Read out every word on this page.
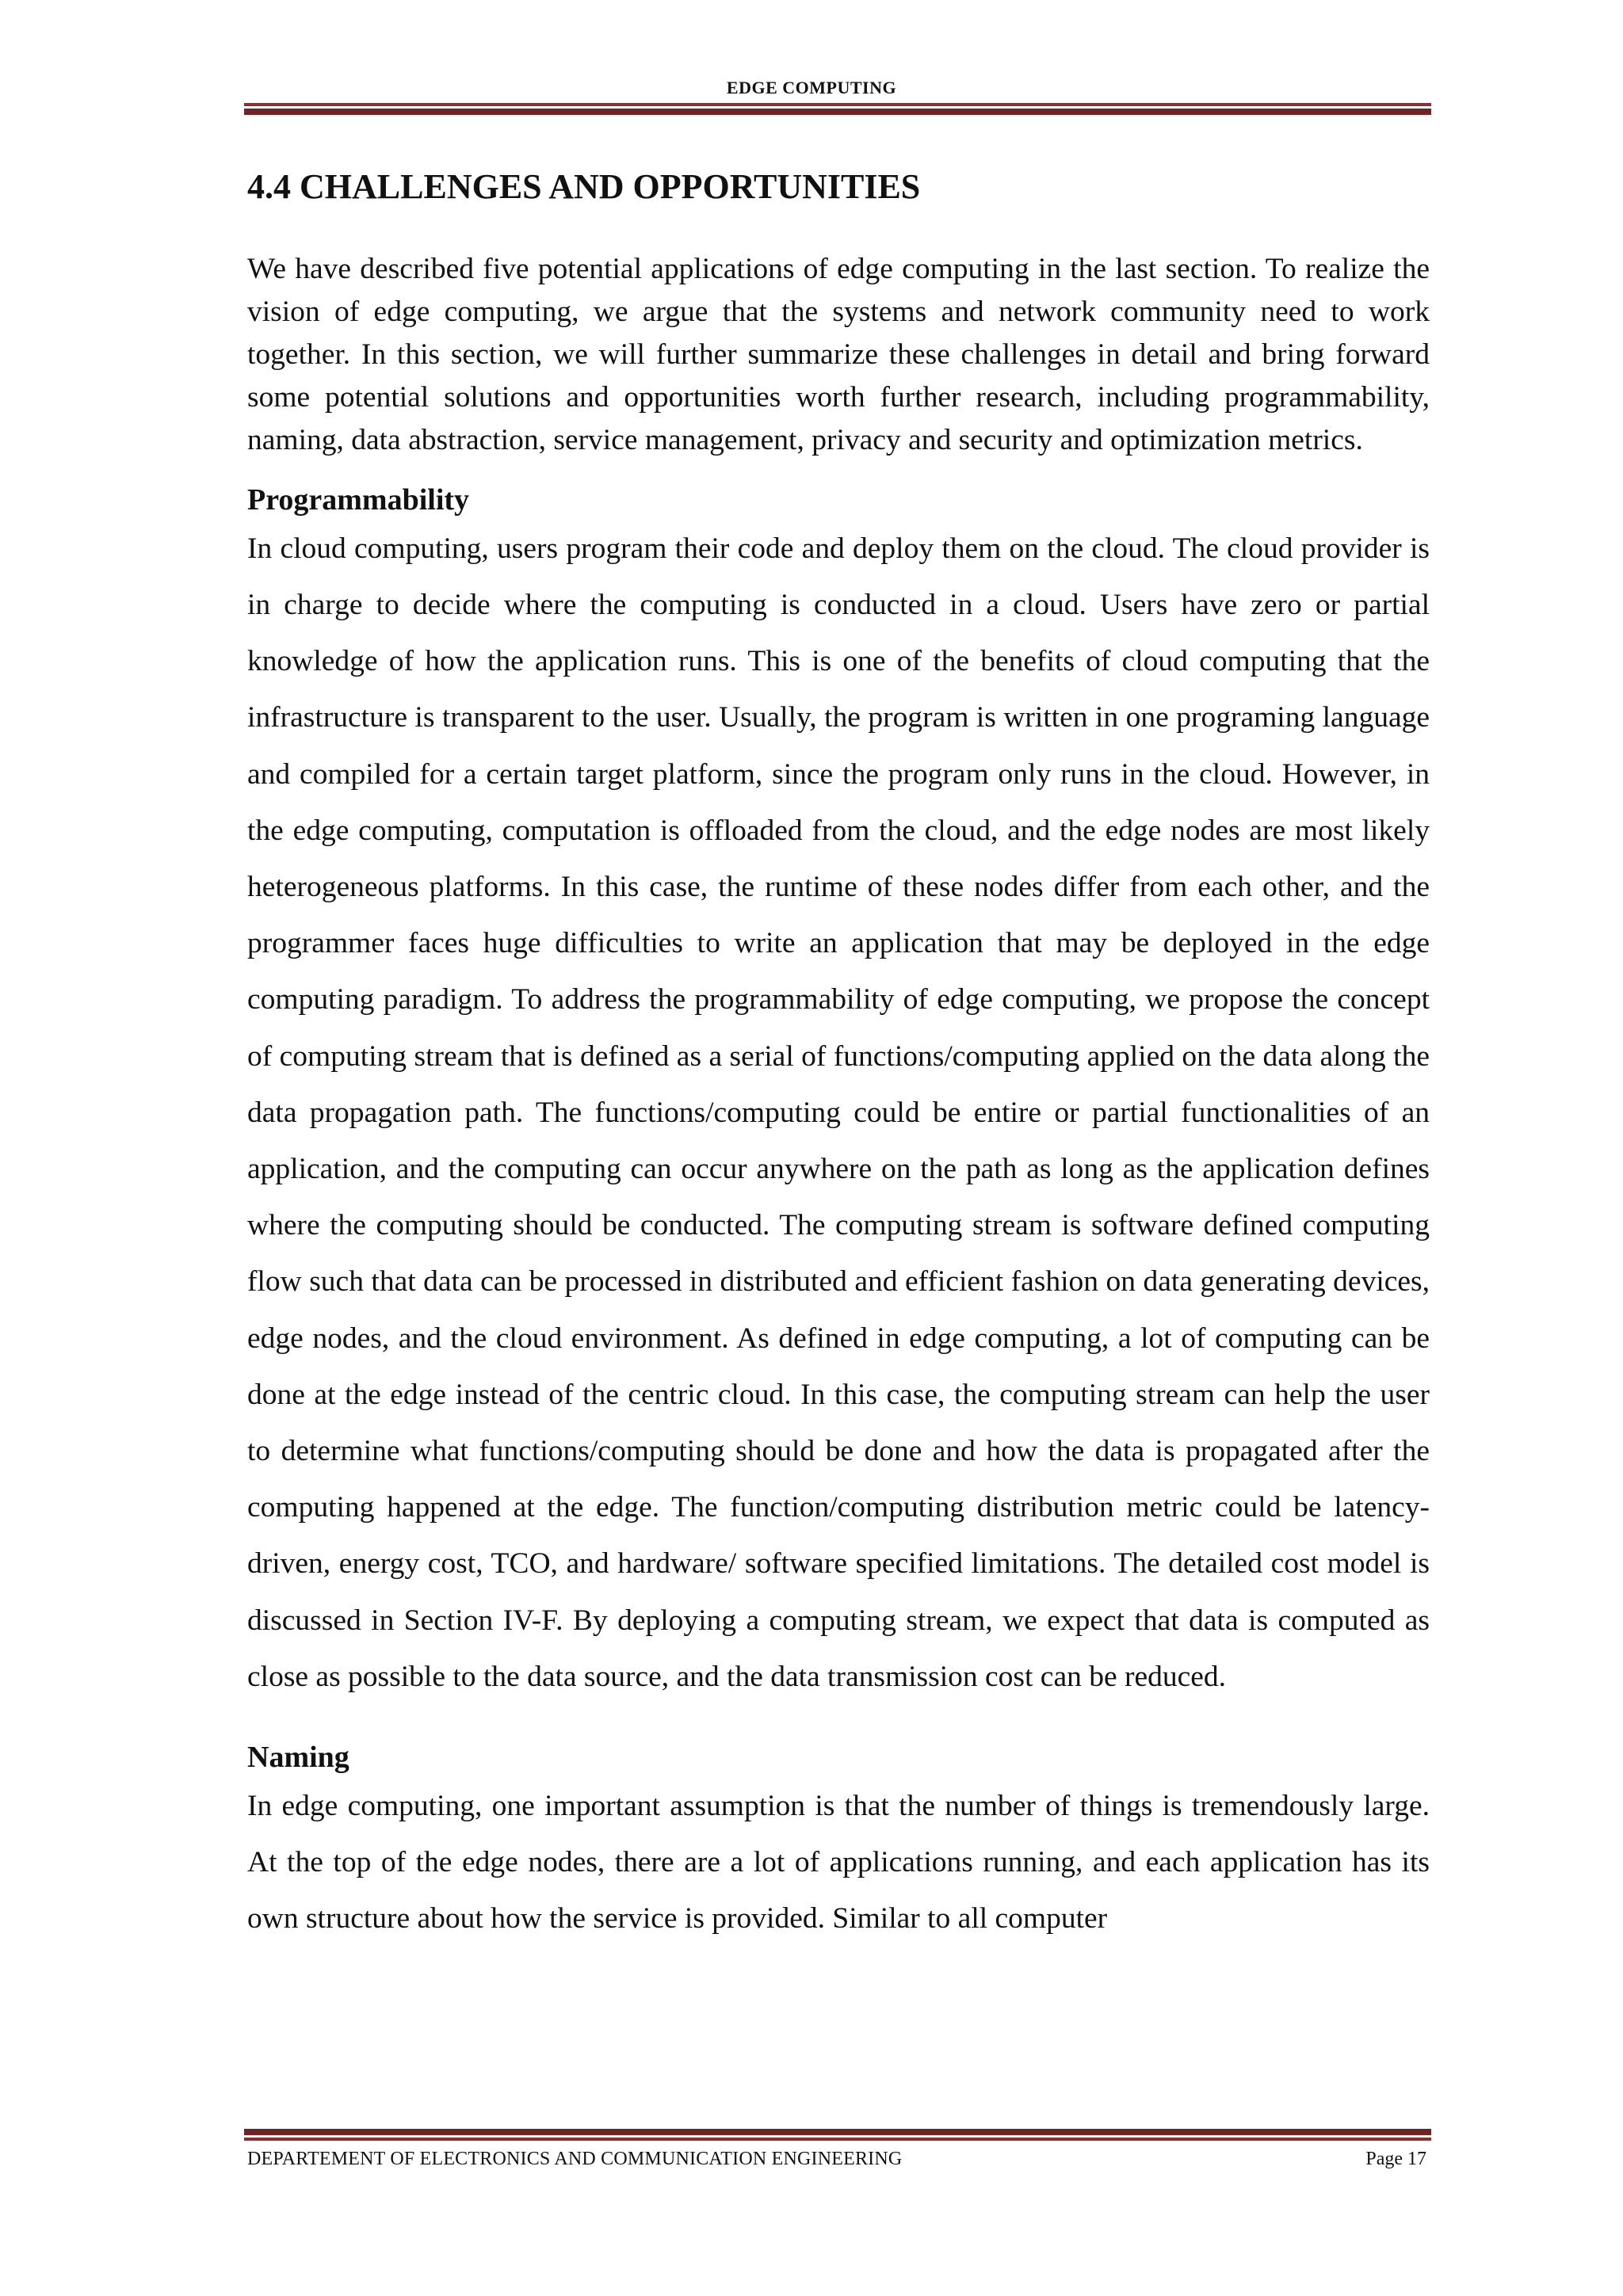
EDGE COMPUTING
4.4 CHALLENGES AND OPPORTUNITIES

We have described five potential applications of edge computing in the last section. To realize the vision of edge computing, we argue that the systems and network community need to work together. In this section, we will further summarize these challenges in detail and bring forward some potential solutions and opportunities worth further research, including programmability, naming, data abstraction, service management, privacy and security and optimization metrics.

Programmability

In cloud computing, users program their code and deploy them on the cloud. The cloud provider is in charge to decide where the computing is conducted in a cloud. Users have zero or partial knowledge of how the application runs. This is one of the benefits of cloud computing that the infrastructure is transparent to the user. Usually, the program is written in one programing language and compiled for a certain target platform, since the program only runs in the cloud. However, in the edge computing, computation is offloaded from the cloud, and the edge nodes are most likely heterogeneous platforms. In this case, the runtime of these nodes differ from each other, and the programmer faces huge difficulties to write an application that may be deployed in the edge computing paradigm. To address the programmability of edge computing, we propose the concept of computing stream that is defined as a serial of functions/computing applied on the data along the data propagation path. The functions/computing could be entire or partial functionalities of an application, and the computing can occur anywhere on the path as long as the application defines where the computing should be conducted. The computing stream is software defined computing flow such that data can be processed in distributed and efficient fashion on data generating devices, edge nodes, and the cloud environment. As defined in edge computing, a lot of computing can be done at the edge instead of the centric cloud. In this case, the computing stream can help the user to determine what functions/computing should be done and how the data is propagated after the computing happened at the edge. The function/computing distribution metric could be latency-driven, energy cost, TCO, and hardware/ software specified limitations. The detailed cost model is discussed in Section IV-F. By deploying a computing stream, we expect that data is computed as close as possible to the data source, and the data transmission cost can be reduced.

Naming

In edge computing, one important assumption is that the number of things is tremendously large. At the top of the edge nodes, there are a lot of applications running, and each application has its own structure about how the service is provided. Similar to all computer

DEPARTEMENT OF ELECTRONICS AND COMMUNICATION ENGINEERING	Page 17
